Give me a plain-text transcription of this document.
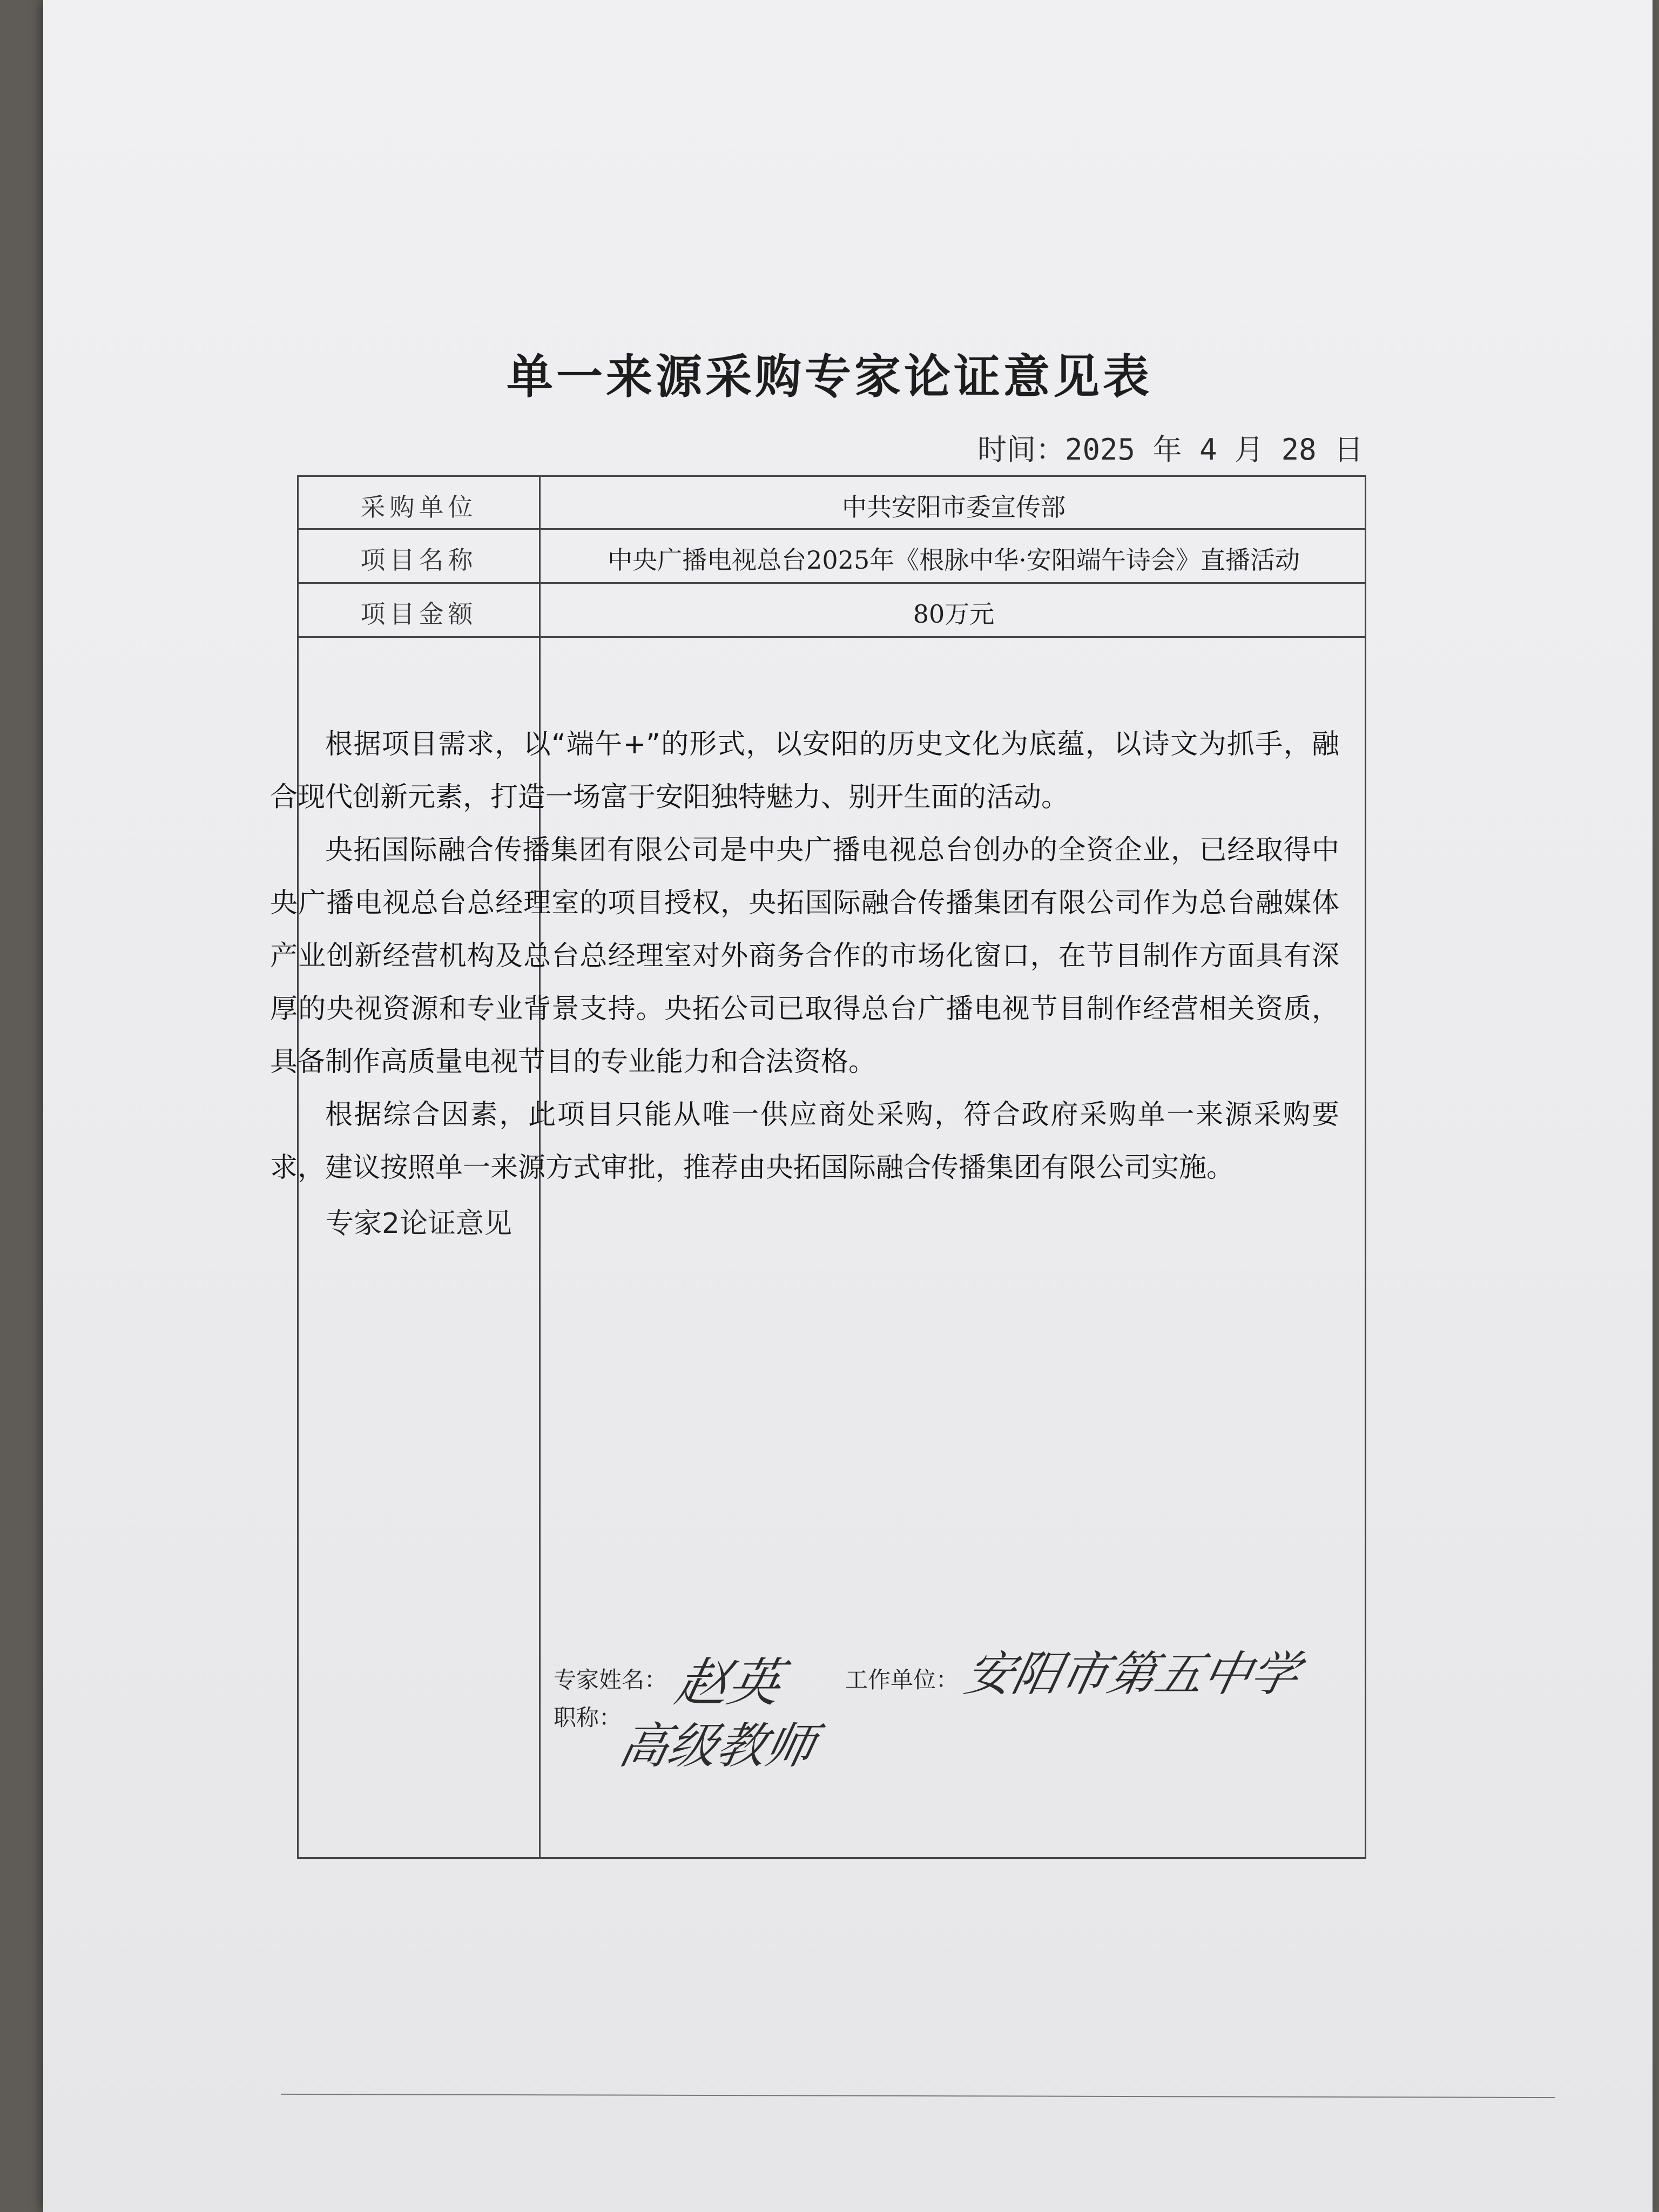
单一来源采购专家论证意见表
时间：2025 年 4 月 28 日
采购单位	中共安阳市委宣传部
项目名称	中央广播电视总台2025年《根脉中华·安阳端午诗会》直播活动
项目金额	80万元
专家2论证意见

根据项目需求，以“端午+”的形式，以安阳的历史文化为底蕴，以诗文为抓手，融合现代创新元素，打造一场富于安阳独特魅力、别开生面的活动。

央拓国际融合传播集团有限公司是中央广播电视总台创办的全资企业，已经取得中央广播电视总台总经理室的项目授权，央拓国际融合传播集团有限公司作为总台融媒体产业创新经营机构及总台总经理室对外商务合作的市场化窗口，在节目制作方面具有深厚的央视资源和专业背景支持。央拓公司已取得总台广播电视节目制作经营相关资质，具备制作高质量电视节目的专业能力和合法资格。

根据综合因素，此项目只能从唯一供应商处采购，符合政府采购单一来源采购要求，建议按照单一来源方式审批，推荐由央拓国际融合传播集团有限公司实施。

专家姓名： 赵英
职称：
高级教师
工作单位： 安阳市第五中学
